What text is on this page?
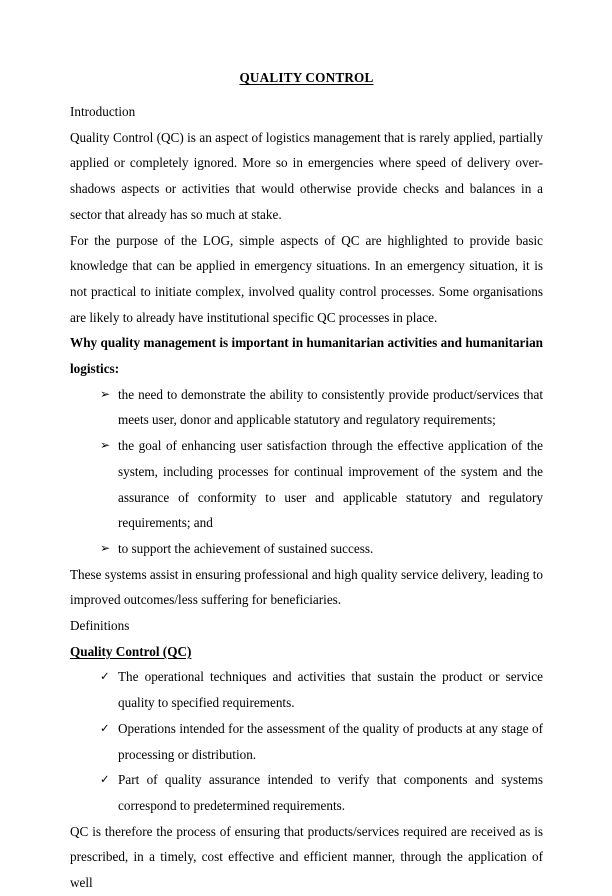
QUALITY CONTROL

Introduction

Quality Control (QC) is an aspect of logistics management that is rarely applied, partially applied or completely ignored. More so in emergencies where speed of delivery over-shadows aspects or activities that would otherwise provide checks and balances in a sector that already has so much at stake.

For the purpose of the LOG, simple aspects of QC are highlighted to provide basic knowledge that can be applied in emergency situations. In an emergency situation, it is not practical to initiate complex, involved quality control processes. Some organisations are likely to already have institutional specific QC processes in place.

Why quality management is important in humanitarian activities and humanitarian logistics:

➢ the need to demonstrate the ability to consistently provide product/services that meets user, donor and applicable statutory and regulatory requirements;
➢ the goal of enhancing user satisfaction through the effective application of the system, including processes for continual improvement of the system and the assurance of conformity to user and applicable statutory and regulatory requirements; and
➢ to support the achievement of sustained success.

These systems assist in ensuring professional and high quality service delivery, leading to improved outcomes/less suffering for beneficiaries.

Definitions

Quality Control (QC)

✓ The operational techniques and activities that sustain the product or service quality to specified requirements.
✓ Operations intended for the assessment of the quality of products at any stage of processing or distribution.
✓ Part of quality assurance intended to verify that components and systems correspond to predetermined requirements.

QC is therefore the process of ensuring that products/services required are received as is prescribed, in a timely, cost effective and efficient manner, through the application of well
